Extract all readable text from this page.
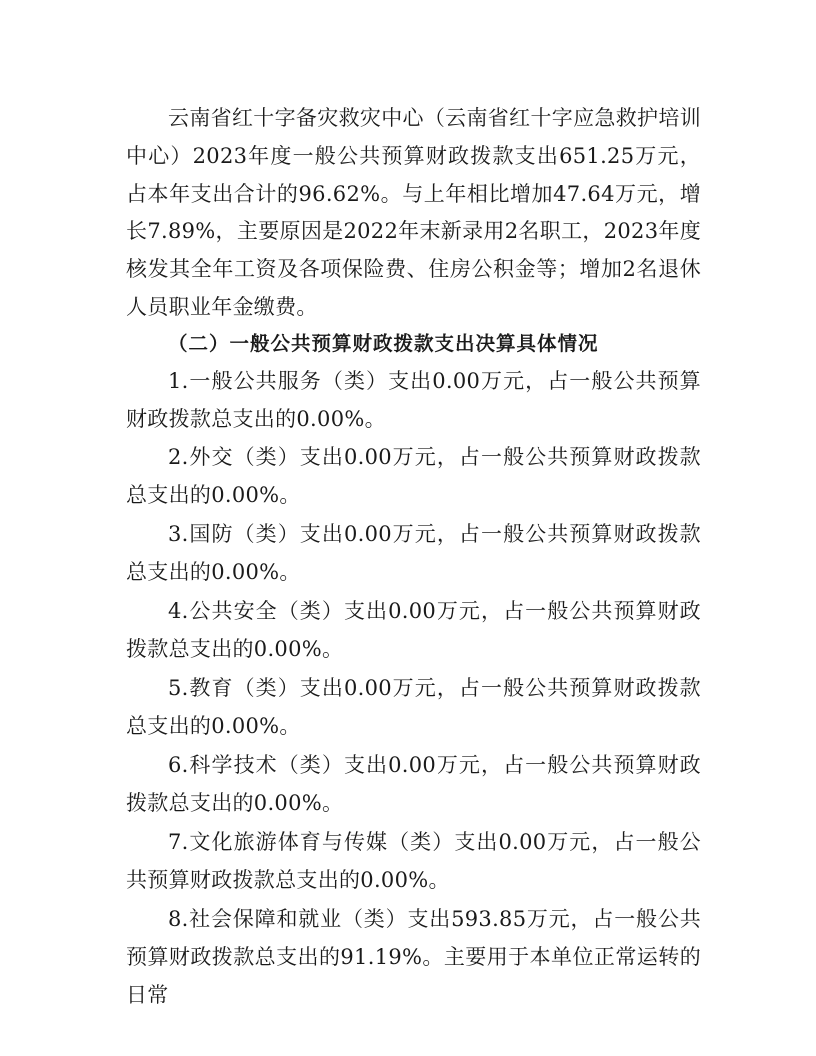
云南省红十字备灾救灾中心（云南省红十字应急救护培训中心）2023年度一般公共预算财政拨款支出651.25万元，占本年支出合计的96.62%。与上年相比增加47.64万元，增长7.89%，主要原因是2022年末新录用2名职工，2023年度核发其全年工资及各项保险费、住房公积金等；增加2名退休人员职业年金缴费。

（二）一般公共预算财政拨款支出决算具体情况

1.一般公共服务（类）支出0.00万元，占一般公共预算财政拨款总支出的0.00%。

2.外交（类）支出0.00万元，占一般公共预算财政拨款总支出的0.00%。

3.国防（类）支出0.00万元，占一般公共预算财政拨款总支出的0.00%。

4.公共安全（类）支出0.00万元，占一般公共预算财政拨款总支出的0.00%。

5.教育（类）支出0.00万元，占一般公共预算财政拨款总支出的0.00%。

6.科学技术（类）支出0.00万元，占一般公共预算财政拨款总支出的0.00%。

7.文化旅游体育与传媒（类）支出0.00万元，占一般公共预算财政拨款总支出的0.00%。

8.社会保障和就业（类）支出593.85万元，占一般公共预算财政拨款总支出的91.19%。主要用于本单位正常运转的日常
